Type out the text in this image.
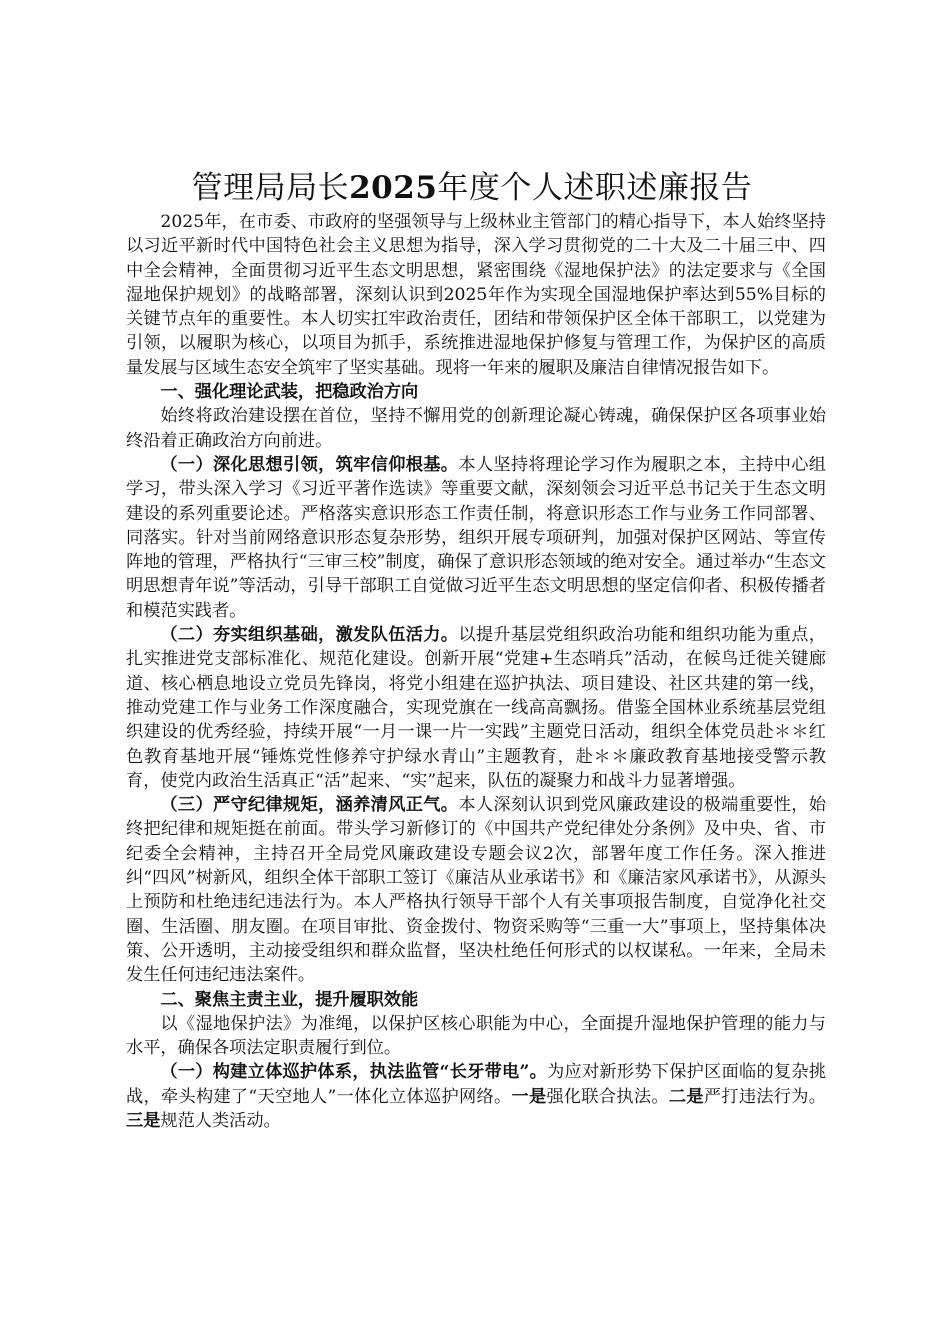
管理局局长2025年度个人述职述廉报告

2025年，在市委、市政府的坚强领导与上级林业主管部门的精心指导下，本人始终坚持以习近平新时代中国特色社会主义思想为指导，深入学习贯彻党的二十大及二十届三中、四中全会精神，全面贯彻习近平生态文明思想，紧密围绕《湿地保护法》的法定要求与《全国湿地保护规划》的战略部署，深刻认识到2025年作为实现全国湿地保护率达到55%目标的关键节点年的重要性。本人切实扛牢政治责任，团结和带领保护区全体干部职工，以党建为引领，以履职为核心，以项目为抓手，系统推进湿地保护修复与管理工作，为保护区的高质量发展与区域生态安全筑牢了坚实基础。现将一年来的履职及廉洁自律情况报告如下。

一、强化理论武装，把稳政治方向

始终将政治建设摆在首位，坚持不懈用党的创新理论凝心铸魂，确保保护区各项事业始终沿着正确政治方向前进。

（一）深化思想引领，筑牢信仰根基。本人坚持将理论学习作为履职之本，主持中心组学习，带头深入学习《习近平著作选读》等重要文献，深刻领会习近平总书记关于生态文明建设的系列重要论述。严格落实意识形态工作责任制，将意识形态工作与业务工作同部署、同落实。针对当前网络意识形态复杂形势，组织开展专项研判，加强对保护区网站、等宣传阵地的管理，严格执行“三审三校”制度，确保了意识形态领域的绝对安全。通过举办“生态文明思想青年说”等活动，引导干部职工自觉做习近平生态文明思想的坚定信仰者、积极传播者和模范实践者。

（二）夯实组织基础，激发队伍活力。以提升基层党组织政治功能和组织功能为重点，扎实推进党支部标准化、规范化建设。创新开展“党建+生态哨兵”活动，在候鸟迁徙关键廊道、核心栖息地设立党员先锋岗，将党小组建在巡护执法、项目建设、社区共建的第一线，推动党建工作与业务工作深度融合，实现党旗在一线高高飘扬。借鉴全国林业系统基层党组织建设的优秀经验，持续开展“一月一课一片一实践”主题党日活动，组织全体党员赴＊＊红色教育基地开展“锤炼党性修养守护绿水青山”主题教育，赴＊＊廉政教育基地接受警示教育，使党内政治生活真正“活”起来、“实”起来，队伍的凝聚力和战斗力显著增强。

（三）严守纪律规矩，涵养清风正气。本人深刻认识到党风廉政建设的极端重要性，始终把纪律和规矩挺在前面。带头学习新修订的《中国共产党纪律处分条例》及中央、省、市纪委全会精神，主持召开全局党风廉政建设专题会议2次，部署年度工作任务。深入推进纠“四风”树新风，组织全体干部职工签订《廉洁从业承诺书》和《廉洁家风承诺书》，从源头上预防和杜绝违纪违法行为。本人严格执行领导干部个人有关事项报告制度，自觉净化社交圈、生活圈、朋友圈。在项目审批、资金拨付、物资采购等“三重一大”事项上，坚持集体决策、公开透明，主动接受组织和群众监督，坚决杜绝任何形式的以权谋私。一年来，全局未发生任何违纪违法案件。

二、聚焦主责主业，提升履职效能

以《湿地保护法》为准绳，以保护区核心职能为中心，全面提升湿地保护管理的能力与水平，确保各项法定职责履行到位。

（一）构建立体巡护体系，执法监管“长牙带电”。为应对新形势下保护区面临的复杂挑战，牵头构建了“天空地人”一体化立体巡护网络。一是强化联合执法。二是严打违法行为。三是规范人类活动。
